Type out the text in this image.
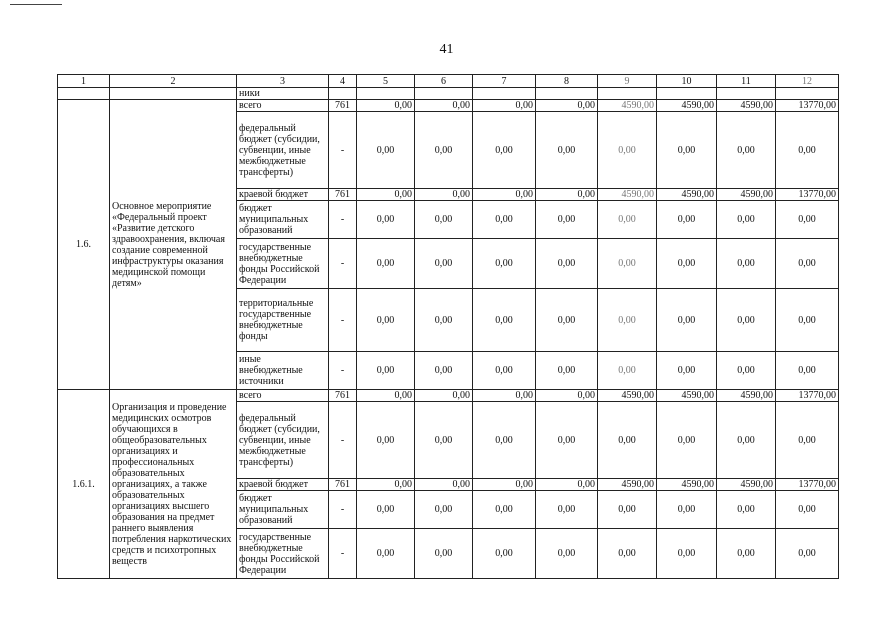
41
1	2	3	4	5	6	7	8	9	10	11	12
		ники									
1.6.	Основное мероприятие «Федеральный проект «Развитие детского здравоохранения, включая создание современной инфраструктуры оказания медицинской помощи детям»	всего	761	0,00	0,00	0,00	0,00	4590,00	4590,00	4590,00	13770,00
		федеральный бюджет (субсидии, субвенции, иные межбюджетные трансферты)	-	0,00	0,00	0,00	0,00	0,00	0,00	0,00	0,00
		краевой бюджет	761	0,00	0,00	0,00	0,00	4590,00	4590,00	4590,00	13770,00
		бюджет муниципальных образований	-	0,00	0,00	0,00	0,00	0,00	0,00	0,00	0,00
		государственные внебюджетные фонды Российской Федерации	-	0,00	0,00	0,00	0,00	0,00	0,00	0,00	0,00
		территориальные государственные внебюджетные фонды	-	0,00	0,00	0,00	0,00	0,00	0,00	0,00	0,00
		иные внебюджетные источники	-	0,00	0,00	0,00	0,00	0,00	0,00	0,00	0,00
1.6.1.	Организация и проведение медицинских осмотров обучающихся в общеобразовательных организациях и профессиональных образовательных организациях, а также образовательных организациях высшего образования на предмет раннего выявления потребления наркотических средств и психотропных веществ	всего	761	0,00	0,00	0,00	0,00	4590,00	4590,00	4590,00	13770,00
		федеральный бюджет (субсидии, субвенции, иные межбюджетные трансферты)	-	0,00	0,00	0,00	0,00	0,00	0,00	0,00	0,00
		краевой бюджет	761	0,00	0,00	0,00	0,00	4590,00	4590,00	4590,00	13770,00
		бюджет муниципальных образований	-	0,00	0,00	0,00	0,00	0,00	0,00	0,00	0,00
		государственные внебюджетные фонды Российской Федерации	-	0,00	0,00	0,00	0,00	0,00	0,00	0,00	0,00
